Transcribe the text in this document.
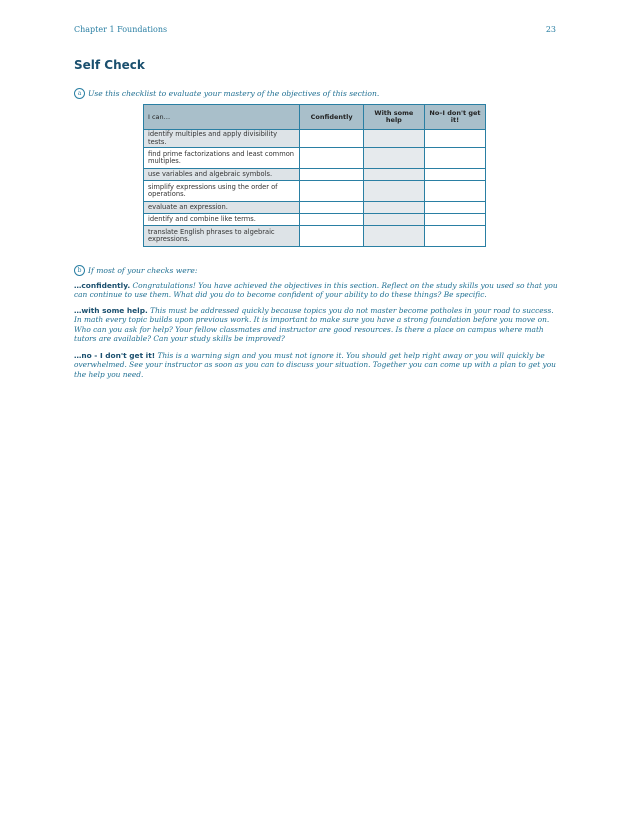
Chapter 1 Foundations	23
Self Check
a Use this checklist to evaluate your mastery of the objectives of this section.
I can…	Confidently	With some help	No–I don't get it!
identify multiples and apply divisibility tests.			
find prime factorizations and least common multiples.			
use variables and algebraic symbols.			
simplify expressions using the order of operations.			
evaluate an expression.			
identify and combine like terms.			
translate English phrases to algebraic expressions.			
b If most of your checks were:

…confidently. Congratulations! You have achieved the objectives in this section. Reflect on the study skills you used so that you can continue to use them. What did you do to become confident of your ability to do these things? Be specific.

…with some help. This must be addressed quickly because topics you do not master become potholes in your road to success. In math every topic builds upon previous work. It is important to make sure you have a strong foundation before you move on. Who can you ask for help? Your fellow classmates and instructor are good resources. Is there a place on campus where math tutors are available? Can your study skills be improved?

…no - I don't get it! This is a warning sign and you must not ignore it. You should get help right away or you will quickly be overwhelmed. See your instructor as soon as you can to discuss your situation. Together you can come up with a plan to get you the help you need.
